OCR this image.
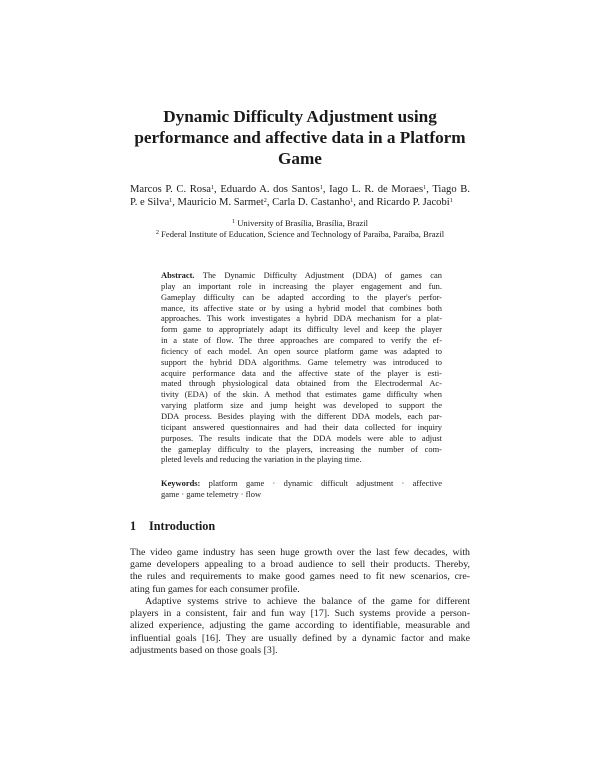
Dynamic Difficulty Adjustment using
performance and affective data in a Platform
Game
Marcos P. C. Rosa$^1$, Eduardo A. dos Santos$^1$, Iago L. R. de Moraes$^1$, Tiago B.
P. e Silva$^1$, Mauricio M. Sarmet$^2$, Carla D. Castanho$^1$, and Ricardo P. Jacobi$^1$
$^1$ University of Brasília, Brasília, Brazil
$^2$ Federal Institute of Education, Science and Technology of Paraíba, Paraíba, Brazil
Abstract. The Dynamic Difficulty Adjustment (DDA) of games can
play an important role in increasing the player engagement and fun.
Gameplay difficulty can be adapted according to the player's perfor-
mance, its affective state or by using a hybrid model that combines both
approaches. This work investigates a hybrid DDA mechanism for a plat-
form game to appropriately adapt its difficulty level and keep the player
in a state of flow. The three approaches are compared to verify the ef-
ficiency of each model. An open source platform game was adapted to
support the hybrid DDA algorithms. Game telemetry was introduced to
acquire performance data and the affective state of the player is esti-
mated through physiological data obtained from the Electrodermal Ac-
tivity (EDA) of the skin. A method that estimates game difficulty when
varying platform size and jump height was developed to support the
DDA process. Besides playing with the different DDA models, each par-
ticipant answered questionnaires and had their data collected for inquiry
purposes. The results indicate that the DDA models were able to adjust
the gameplay difficulty to the players, increasing the number of com-
pleted levels and reducing the variation in the playing time.
Keywords: platform game · dynamic difficult adjustment · affective
game · game telemetry · flow
1 Introduction
The video game industry has seen huge growth over the last few decades, with
game developers appealing to a broad audience to sell their products. Thereby,
the rules and requirements to make good games need to fit new scenarios, cre-
ating fun games for each consumer profile.
Adaptive systems strive to achieve the balance of the game for different
players in a consistent, fair and fun way [17]. Such systems provide a person-
alized experience, adjusting the game according to identifiable, measurable and
influential goals [16]. They are usually defined by a dynamic factor and make
adjustments based on those goals [3].
